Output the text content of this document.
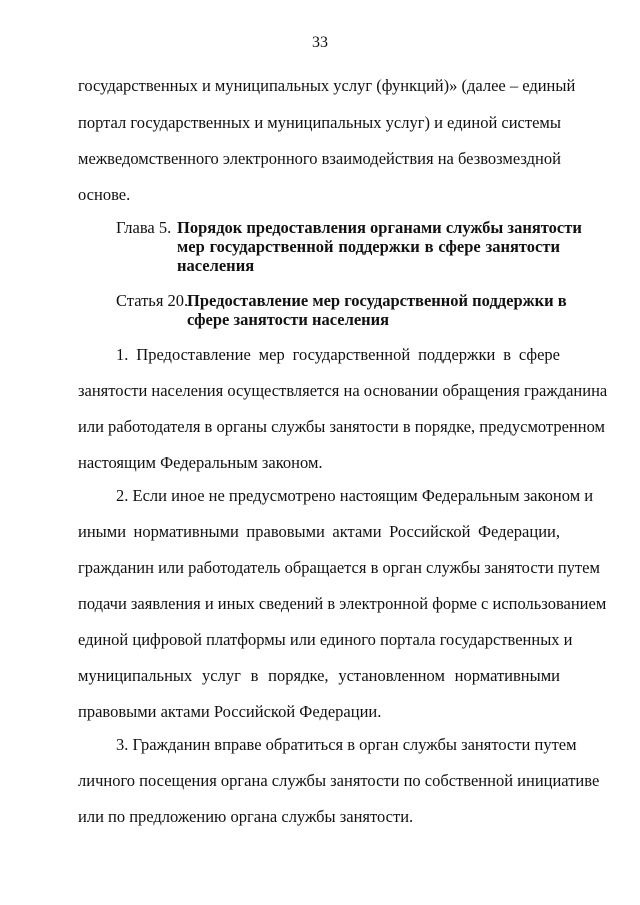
33
государственных и муниципальных услуг (функций)» (далее – единый
портал государственных и муниципальных услуг) и единой системы
межведомственного электронного взаимодействия на безвозмездной
основе.
Глава 5. Порядок предоставления органами службы занятости
мер государственной поддержки в сфере занятости
населения
Статья 20.
Предоставление мер государственной поддержки в
сфере занятости населения
1. Предоставление мер государственной поддержки в сфере
занятости населения осуществляется на основании обращения гражданина
или работодателя в органы службы занятости в порядке, предусмотренном
настоящим Федеральным законом.
2. Если иное не предусмотрено настоящим Федеральным законом и
иными нормативными правовыми актами Российской Федерации,
гражданин или работодатель обращается в орган службы занятости путем
подачи заявления и иных сведений в электронной форме с использованием
единой цифровой платформы или единого портала государственных и
муниципальных услуг в порядке, установленном нормативными
правовыми актами Российской Федерации.
3. Гражданин вправе обратиться в орган службы занятости путем
личного посещения органа службы занятости по собственной инициативе
или по предложению органа службы занятости.
